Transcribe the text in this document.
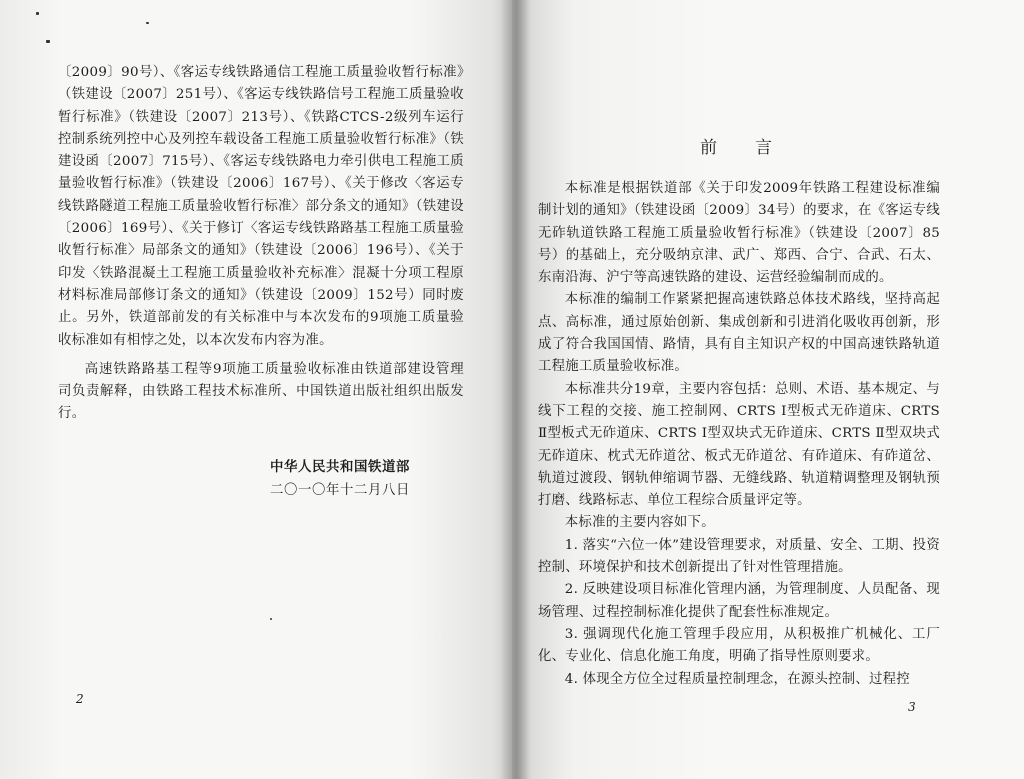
〔2009〕90号）、《客运专线铁路通信工程施工质量验收暂行标准》（铁建设〔2007〕251号）、《客运专线铁路信号工程施工质量验收暂行标准》（铁建设〔2007〕213号）、《铁路CTCS-2级列车运行控制系统列控中心及列控车载设备工程施工质量验收暂行标准》（铁建设函〔2007〕715号）、《客运专线铁路电力牵引供电工程施工质量验收暂行标准》（铁建设〔2006〕167号）、《关于修改〈客运专线铁路隧道工程施工质量验收暂行标准〉部分条文的通知》（铁建设〔2006〕169号）、《关于修订〈客运专线铁路路基工程施工质量验收暂行标准〉局部条文的通知》（铁建设〔2006〕196号）、《关于印发〈铁路混凝土工程施工质量验收补充标准〉混凝十分项工程原材料标准局部修订条文的通知》（铁建设〔2009〕152号）同时废止。另外，铁道部前发的有关标准中与本次发布的9项施工质量验收标准如有相悖之处，以本次发布内容为准。

高速铁路路基工程等9项施工质量验收标准由铁道部建设管理司负责解释，由铁路工程技术标准所、中国铁道出版社组织出版发行。

中华人民共和国铁道部
二〇一〇年十二月八日
2
前言

本标准是根据铁道部《关于印发2009年铁路工程建设标准编制计划的通知》（铁建设函〔2009〕34号）的要求，在《客运专线无砟轨道铁路工程施工质量验收暂行标准》（铁建设〔2007〕85号）的基础上，充分吸纳京津、武广、郑西、合宁、合武、石太、东南沿海、沪宁等高速铁路的建设、运营经验编制而成的。

本标准的编制工作紧紧把握高速铁路总体技术路线，坚持高起点、高标准，通过原始创新、集成创新和引进消化吸收再创新，形成了符合我国国情、路情，具有自主知识产权的中国高速铁路轨道工程施工质量验收标准。

本标准共分19章，主要内容包括：总则、术语、基本规定、与线下工程的交接、施工控制网、CRTS Ⅰ型板式无砟道床、CRTS Ⅱ型板式无砟道床、CRTS Ⅰ型双块式无砟道床、CRTS Ⅱ型双块式无砟道床、枕式无砟道岔、板式无砟道岔、有砟道床、有砟道岔、轨道过渡段、钢轨伸缩调节器、无缝线路、轨道精调整理及钢轨预打磨、线路标志、单位工程综合质量评定等。

本标准的主要内容如下。

1. 落实“六位一体”建设管理要求，对质量、安全、工期、投资控制、环境保护和技术创新提出了针对性管理措施。

2. 反映建设项目标准化管理内涵，为管理制度、人员配备、现场管理、过程控制标准化提供了配套性标准规定。

3. 强调现代化施工管理手段应用，从积极推广机械化、工厂化、专业化、信息化施工角度，明确了指导性原则要求。

4. 体现全方位全过程质量控制理念，在源头控制、过程控

3
